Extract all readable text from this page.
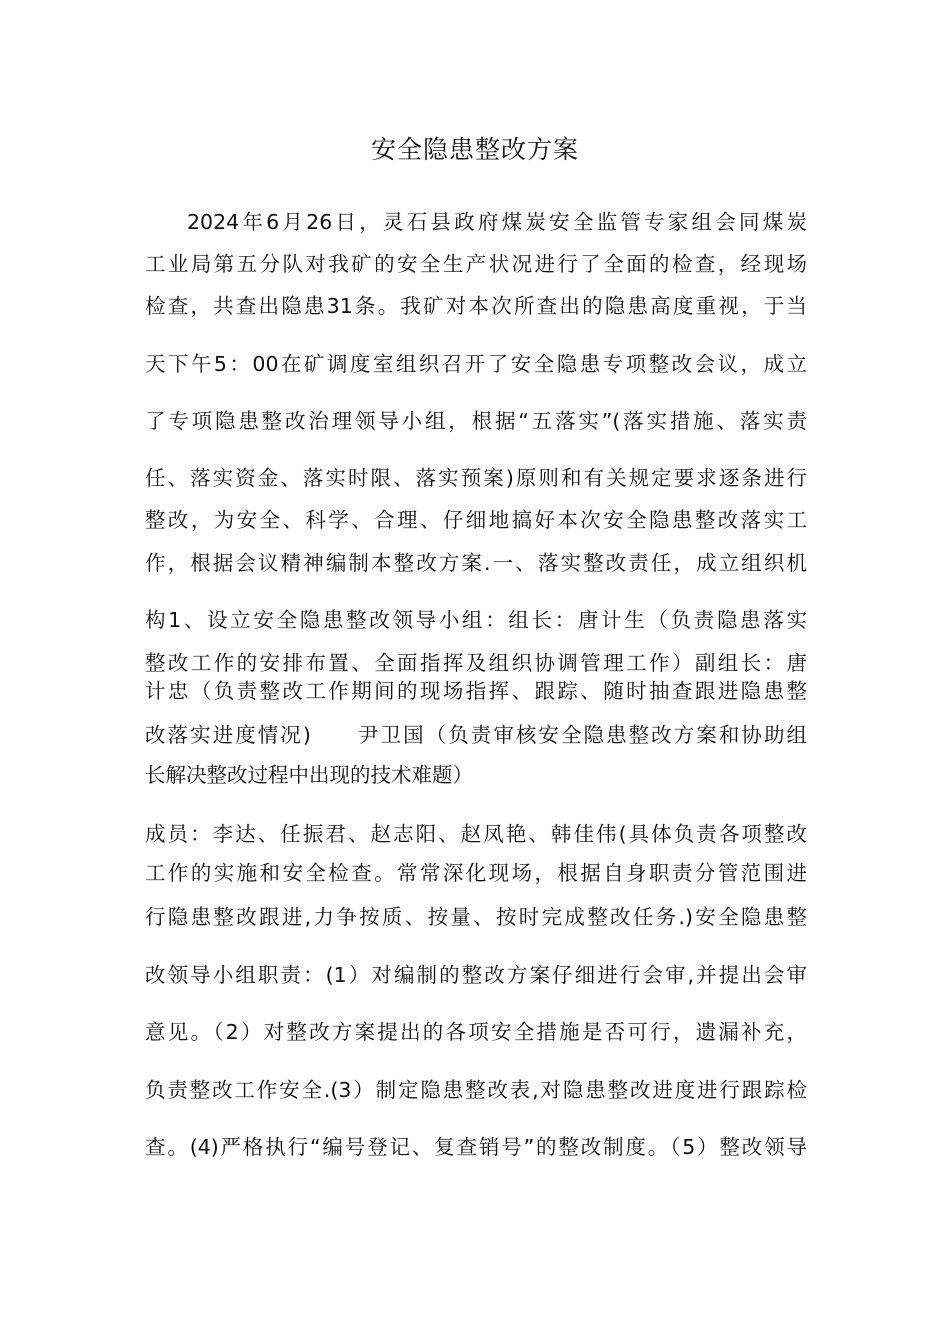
安全隐患整改方案
2024年6月26日，灵石县政府煤炭安全监管专家组会同煤炭
工业局第五分队对我矿的安全生产状况进行了全面的检查，经现场
检查，共查出隐患31条。我矿对本次所查出的隐患高度重视，于当
天下午5：00在矿调度室组织召开了安全隐患专项整改会议，成立
了专项隐患整改治理领导小组，根据“五落实”(落实措施、落实责
任、落实资金、落实时限、落实预案)原则和有关规定要求逐条进行
整改，为安全、科学、合理、仔细地搞好本次安全隐患整改落实工
作，根据会议精神编制本整改方案.一、落实整改责任，成立组织机
构1、设立安全隐患整改领导小组：组长：唐计生（负责隐患落实
整改工作的安排布置、全面指挥及组织协调管理工作）副组长：唐
计忠（负责整改工作期间的现场指挥、跟踪、随时抽查跟进隐患整
改落实进度情况)　　尹卫国（负责审核安全隐患整改方案和协助组
长解决整改过程中出现的技术难题）
成员：李达、任振君、赵志阳、赵凤艳、韩佳伟(具体负责各项整改
工作的实施和安全检查。常常深化现场，根据自身职责分管范围进
行隐患整改跟进,力争按质、按量、按时完成整改任务.)安全隐患整
改领导小组职责：(1）对编制的整改方案仔细进行会审,并提出会审
意见。（2）对整改方案提出的各项安全措施是否可行，遗漏补充，
负责整改工作安全.(3）制定隐患整改表,对隐患整改进度进行跟踪检
查。(4)严格执行“编号登记、复查销号”的整改制度。（5）整改领导
